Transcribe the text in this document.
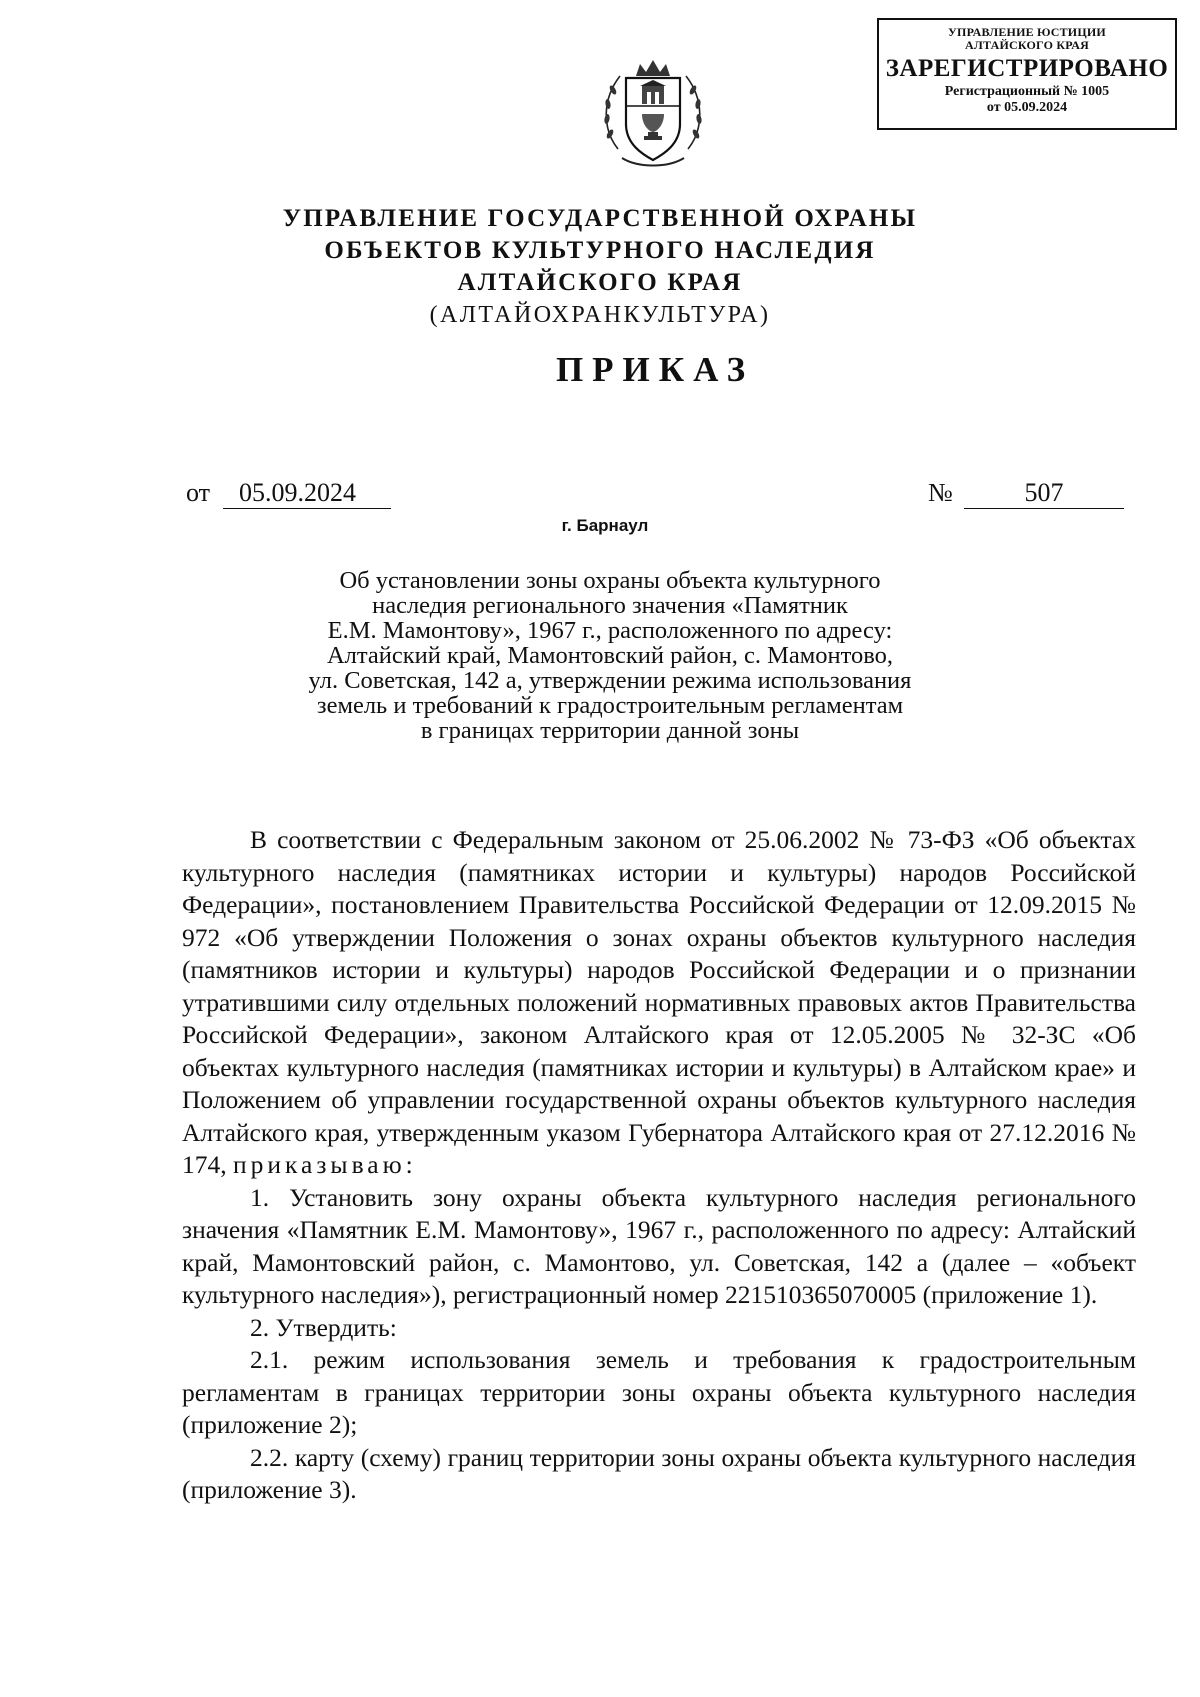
УПРАВЛЕНИЕ ЮСТИЦИИ
АЛТАЙСКОГО КРАЯ
ЗАРЕГИСТРИРОВАНО
Регистрационный № 1005
от 05.09.2024
УПРАВЛЕНИЕ ГОСУДАРСТВЕННОЙ ОХРАНЫ
ОБЪЕКТОВ КУЛЬТУРНОГО НАСЛЕДИЯ
АЛТАЙСКОГО КРАЯ
(АЛТАЙОХРАНКУЛЬТУРА)
ПРИКАЗ
от	05.09.2024	№	507
г. Барнаул
Об установлении зоны охраны объекта культурного
наследия регионального значения «Памятник
Е.М. Мамонтову», 1967 г., расположенного по адресу:
Алтайский край, Мамонтовский район, с. Мамонтово,
ул. Советская, 142 а, утверждении режима использования
земель и требований к градостроительным регламентам
в границах территории данной зоны

В соответствии с Федеральным законом от 25.06.2002 № 73-ФЗ «Об объектах культурного наследия (памятниках истории и культуры) народов Российской Федерации», постановлением Правительства Российской Федерации от 12.09.2015 № 972 «Об утверждении Положения о зонах охраны объектов культурного наследия (памятников истории и культуры) народов Российской Федерации и о признании утратившими силу отдельных положений нормативных правовых актов Правительства Российской Федерации», законом Алтайского края от 12.05.2005 № 32-ЗС «Об объектах культурного наследия (памятниках истории и культуры) в Алтайском крае» и Положением об управлении государственной охраны объектов культурного наследия Алтайского края, утвержденным указом Губернатора Алтайского края от 27.12.2016 № 174, приказываю:

1. Установить зону охраны объекта культурного наследия регионального значения «Памятник Е.М. Мамонтову», 1967 г., расположенного по адресу: Алтайский край, Мамонтовский район, с. Мамонтово, ул. Советская, 142 а (далее – «объект культурного наследия»), регистрационный номер 221510365070005 (приложение 1).

2. Утвердить:

2.1. режим использования земель и требования к градостроительным регламентам в границах территории зоны охраны объекта культурного наследия (приложение 2);

2.2. карту (схему) границ территории зоны охраны объекта культурного наследия (приложение 3).
